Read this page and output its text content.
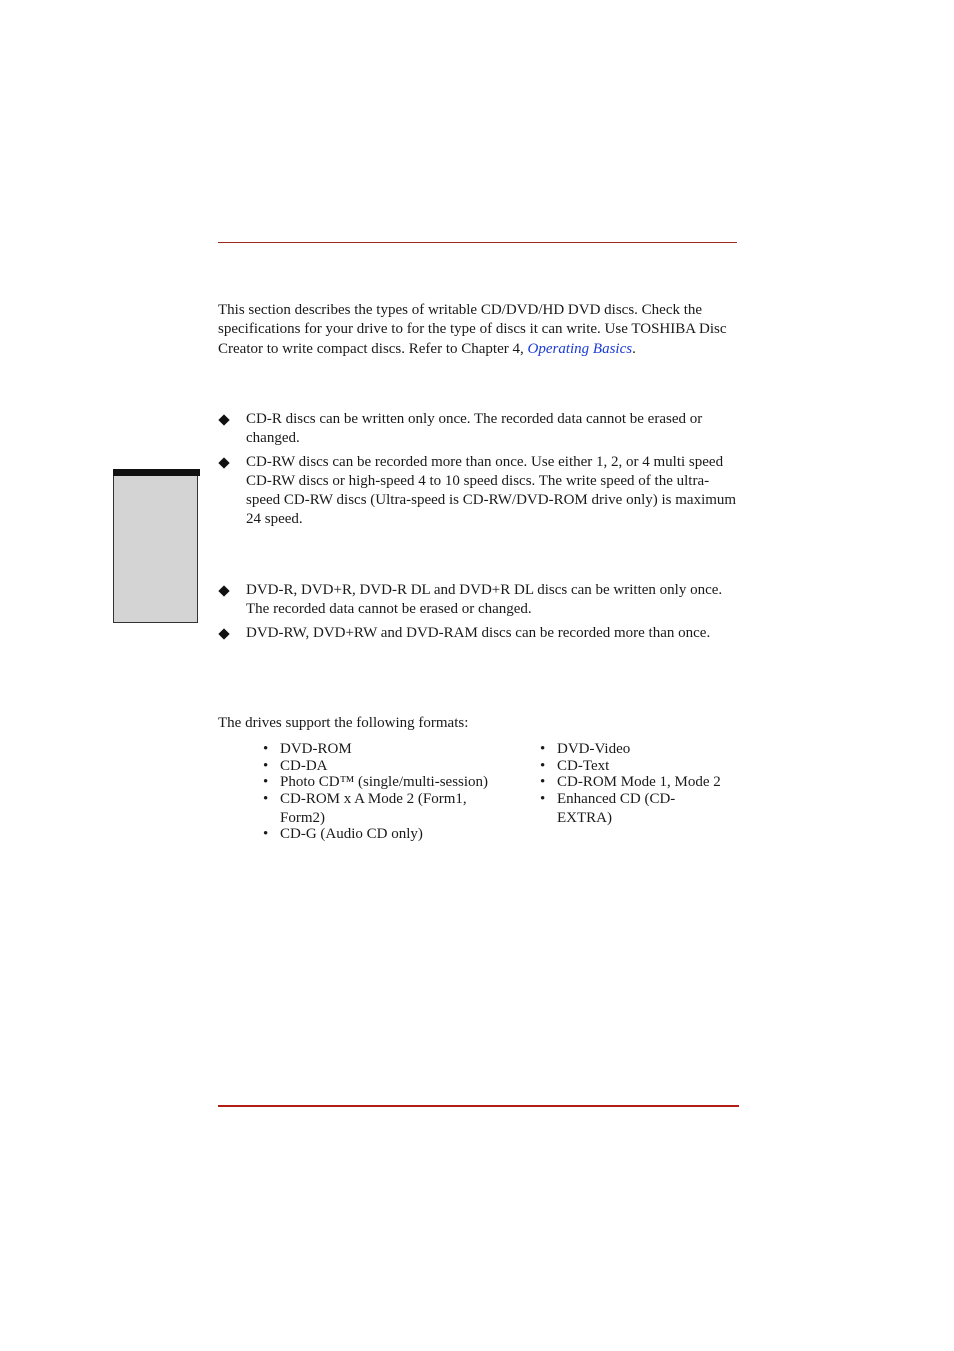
This section describes the types of writable CD/DVD/HD DVD discs. Check the specifications for your drive to for the type of discs it can write. Use TOSHIBA Disc Creator to write compact discs. Refer to Chapter 4, Operating Basics.

CD-R discs can be written only once. The recorded data cannot be erased or changed.
CD-RW discs can be recorded more than once. Use either 1, 2, or 4 multi speed CD-RW discs or high-speed 4 to 10 speed discs. The write speed of the ultra-speed CD-RW discs (Ultra-speed is CD-RW/DVD-ROM drive only) is maximum 24 speed.
DVD-R, DVD+R, DVD-R DL and DVD+R DL discs can be written only once. The recorded data cannot be erased or changed.
DVD-RW, DVD+RW and DVD-RAM discs can be recorded more than once.

The drives support the following formats:

• DVD-ROM
• CD-DA
• Photo CD™ (single/multi-session)
• CD-ROM x A Mode 2 (Form1, Form2)
• CD-G (Audio CD only)
• DVD-Video
• CD-Text
• CD-ROM Mode 1, Mode 2
• Enhanced CD (CD-EXTRA)
